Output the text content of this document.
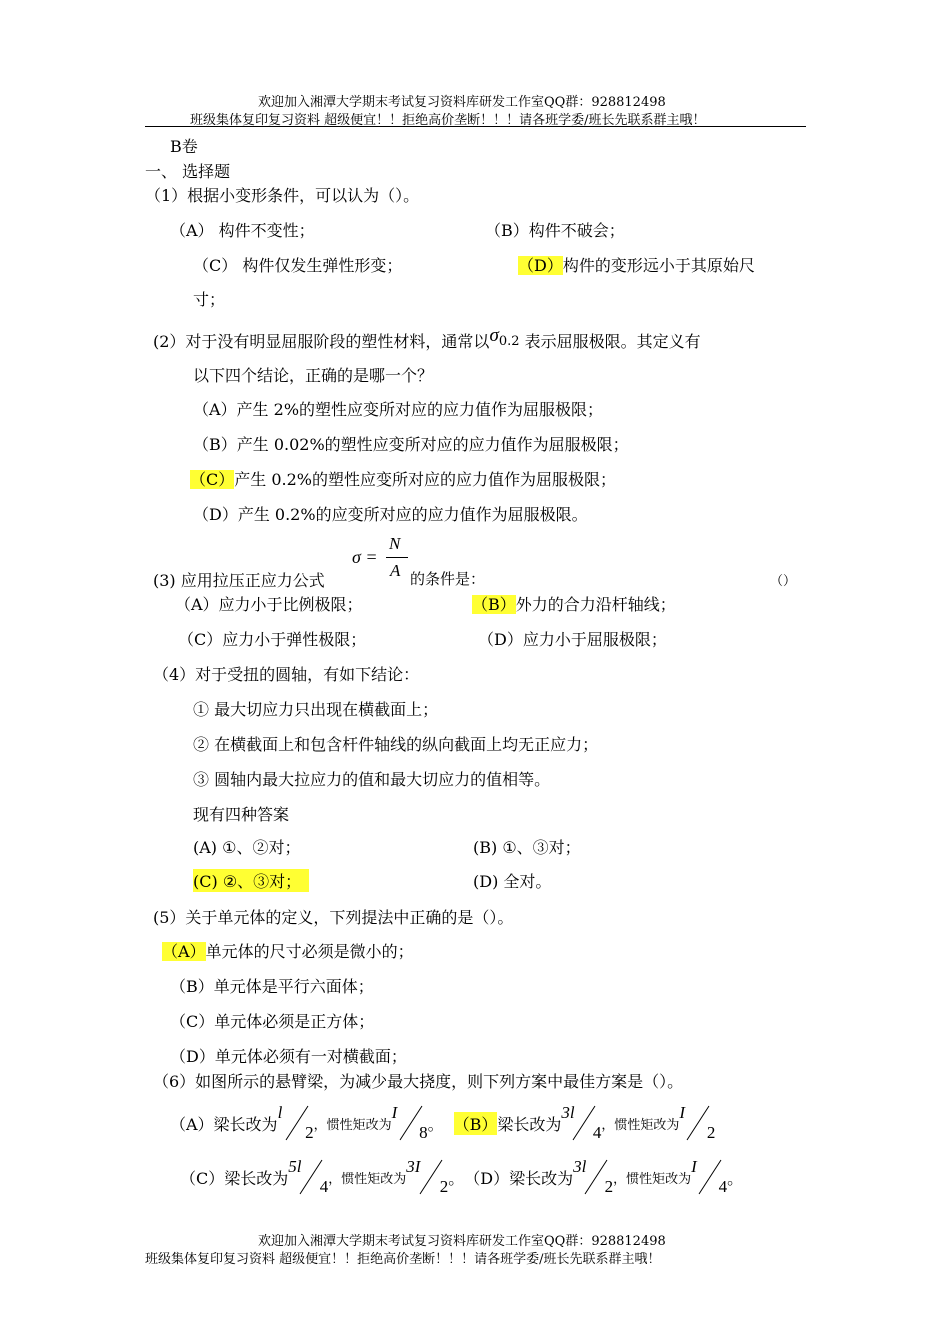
欢迎加入湘潭大学期末考试复习资料库研发工作室QQ群：928812498
班级集体复印复习资料 超级便宜！！拒绝高价垄断！！！请各班学委/班长先联系群主哦！
B卷
一、 选择题
（1）根据小变形条件，可以认为（）。
（A） 构件不变性；	（B）构件不破会；
（C） 构件仅发生弹性形变；	（D）构件的变形远小于其原始尺
寸；
(2）对于没有明显屈服阶段的塑性材料，通常以σ0.2 表示屈服极限。其定义有
以下四个结论，正确的是哪一个？
（A）产生 2%的塑性应变所对应的应力值作为屈服极限；
（B）产生 0.02%的塑性应变所对应的应力值作为屈服极限；
（C）产生 0.2%的塑性应变所对应的应力值作为屈服极限；
（D）产生 0.2%的应变所对应的应力值作为屈服极限。
σ =
N
A
(3) 应用拉压正应力公式	的条件是：	（）
（A）应力小于比例极限；	（B）外力的合力沿杆轴线；
（C）应力小于弹性极限；	（D）应力小于屈服极限；
（4）对于受扭的圆轴，有如下结论：
① 最大切应力只出现在横截面上；
② 在横截面上和包含杆件轴线的纵向截面上均无正应力；
③ 圆轴内最大拉应力的值和最大切应力的值相等。
现有四种答案
(A) ①、②对；	(B) ①、③对；
(C) ②、③对；	(D) 全对。
(5）关于单元体的定义，下列提法中正确的是（）。
（A）单元体的尺寸必须是微小的；
（B）单元体是平行六面体；
（C）单元体必须是正方体；
（D）单元体必须有一对横截面；
（6）如图所示的悬臂梁，为减少最大挠度，则下列方案中最佳方案是（）。
（A）梁长改为
l
2 ，惯性矩改为
I
8 。 （B） 梁长改为
3l
4 ，惯性矩改为
I
2
（C）梁长改为
5l
4 ，惯性矩改为
3I
2 。 （D）梁长改为
3l
2 ，惯性矩改为
I
4 。
欢迎加入湘潭大学期末考试复习资料库研发工作室QQ群：928812498
班级集体复印复习资料 超级便宜！！拒绝高价垄断！！！请各班学委/班长先联系群主哦！
